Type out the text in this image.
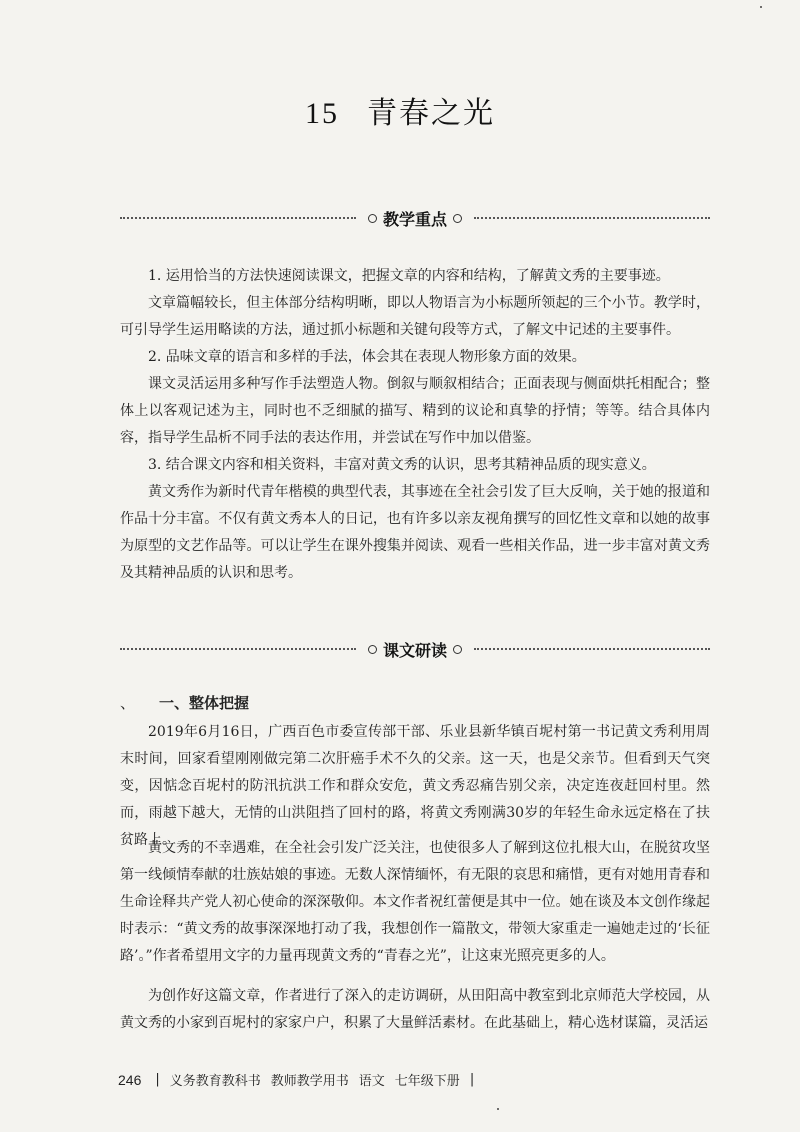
15 青春之光
教学重点

1. 运用恰当的方法快速阅读课文，把握文章的内容和结构，了解黄文秀的主要事迹。

文章篇幅较长，但主体部分结构明晰，即以人物语言为小标题所领起的三个小节。教学时，可引导学生运用略读的方法，通过抓小标题和关键句段等方式，了解文中记述的主要事件。

2. 品味文章的语言和多样的手法，体会其在表现人物形象方面的效果。

课文灵活运用多种写作手法塑造人物。倒叙与顺叙相结合；正面表现与侧面烘托相配合；整体上以客观记述为主，同时也不乏细腻的描写、精到的议论和真挚的抒情；等等。结合具体内容，指导学生品析不同手法的表达作用，并尝试在写作中加以借鉴。

3. 结合课文内容和相关资料，丰富对黄文秀的认识，思考其精神品质的现实意义。

黄文秀作为新时代青年楷模的典型代表，其事迹在全社会引发了巨大反响，关于她的报道和作品十分丰富。不仅有黄文秀本人的日记，也有许多以亲友视角撰写的回忆性文章和以她的故事为原型的文艺作品等。可以让学生在课外搜集并阅读、观看一些相关作品，进一步丰富对黄文秀及其精神品质的认识和思考。

课文研读
、 一、整体把握

2019年6月16日，广西百色市委宣传部干部、乐业县新华镇百坭村第一书记黄文秀利用周末时间，回家看望刚刚做完第二次肝癌手术不久的父亲。这一天，也是父亲节。但看到天气突变，因惦念百坭村的防汛抗洪工作和群众安危，黄文秀忍痛告别父亲，决定连夜赶回村里。然而，雨越下越大，无情的山洪阻挡了回村的路，将黄文秀刚满30岁的年轻生命永远定格在了扶贫路上。

黄文秀的不幸遇难，在全社会引发广泛关注，也使很多人了解到这位扎根大山，在脱贫攻坚第一线倾情奉献的壮族姑娘的事迹。无数人深情缅怀，有无限的哀思和痛惜，更有对她用青春和生命诠释共产党人初心使命的深深敬仰。本文作者祝红蕾便是其中一位。她在谈及本文创作缘起时表示：“黄文秀的故事深深地打动了我，我想创作一篇散文，带领大家重走一遍她走过的‘长征路’。”作者希望用文字的力量再现黄文秀的“青春之光”，让这束光照亮更多的人。

为创作好这篇文章，作者进行了深入的走访调研，从田阳高中教室到北京师范大学校园，从黄文秀的小家到百坭村的家家户户，积累了大量鲜活素材。在此基础上，精心选材谋篇，灵活运

246 | 义务教育教科书 教师教学用书 语文 七年级下册 |
